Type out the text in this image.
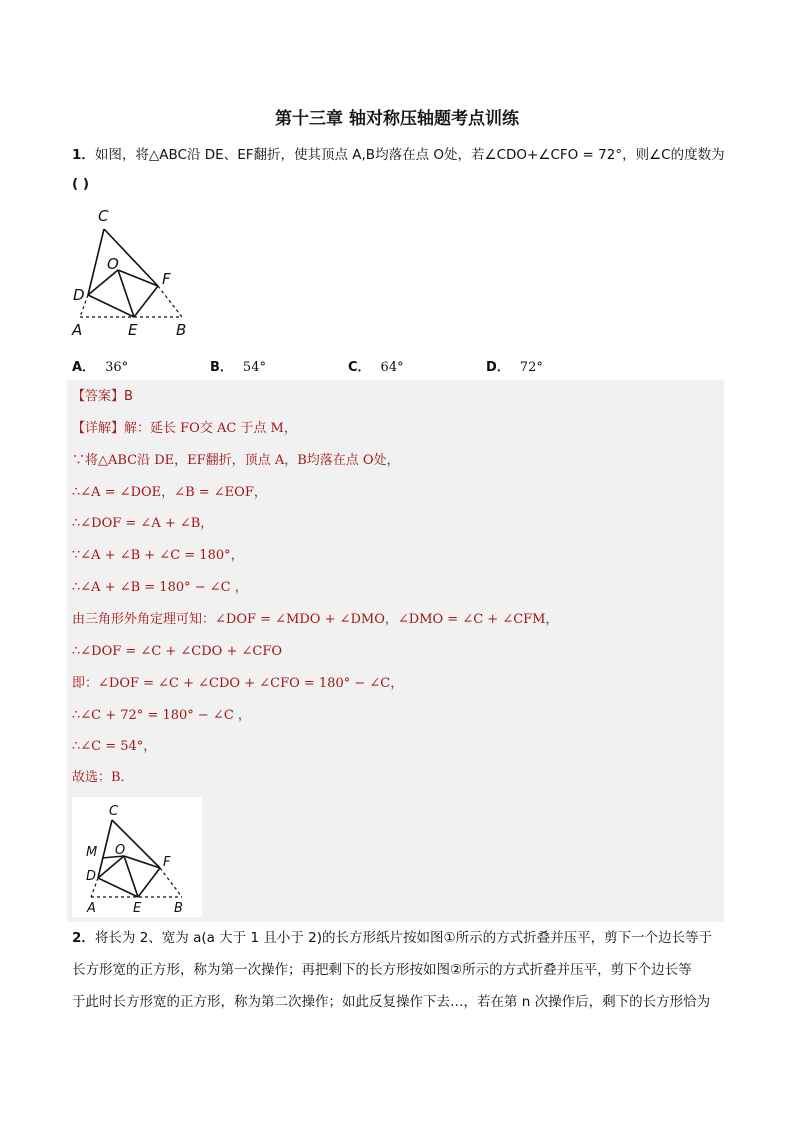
第十三章 轴对称压轴题考点训练
1．如图，将△ABC沿 DE、EF翻折，使其顶点 A,B均落在点 O处，若∠CDO+∠CFO = 72°，则∠C的度数为
( )
C
O
F
D
A	E	B
A． 36°	B． 54°	C． 64°	D． 72°
【答案】B
【详解】解：延长 FO交 AC 于点 M，
∵将△ABC沿 DE，EF翻折，顶点 A，B均落在点 O处，
∴∠A = ∠DOE，∠B = ∠EOF，
∴∠DOF = ∠A + ∠B，
∵∠A + ∠B + ∠C = 180°，
∴∠A + ∠B = 180° − ∠C ，
由三角形外角定理可知：∠DOF = ∠MDO + ∠DMO，∠DMO = ∠C + ∠CFM，
∴∠DOF = ∠C + ∠CDO + ∠CFO
即：∠DOF = ∠C + ∠CDO + ∠CFO = 180° − ∠C，
∴∠C + 72° = 180° − ∠C ，
∴∠C = 54°，
故选：B．
C
M O
F
D
A	E	B
2．将长为 2、宽为 a(a 大于 1 且小于 2)的长方形纸片按如图①所示的方式折叠并压平，剪下一个边长等于
长方形宽的正方形，称为第一次操作；再把剩下的长方形按如图②所示的方式折叠并压平，剪下个边长等
于此时长方形宽的正方形，称为第二次操作；如此反复操作下去…，若在第 n 次操作后，剩下的长方形恰为
